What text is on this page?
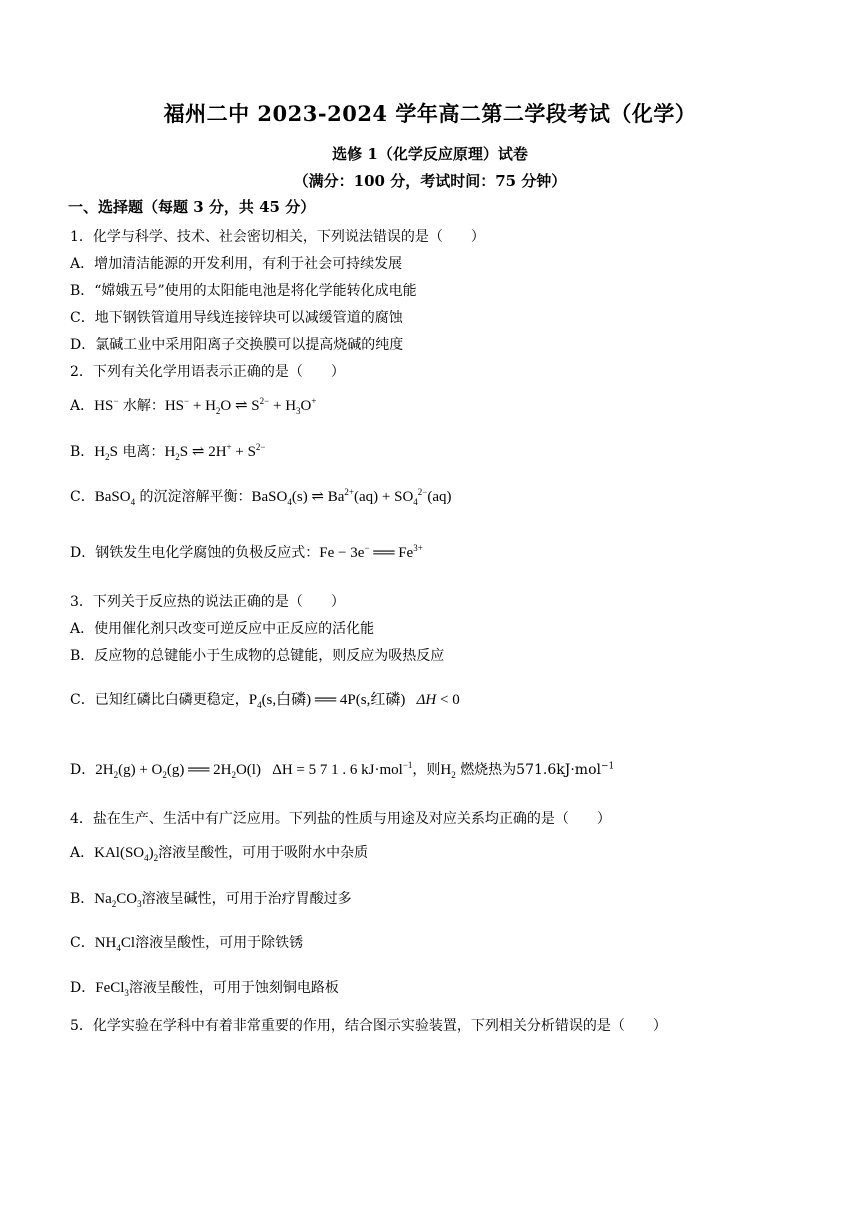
福州二中 2023-2024 学年高二第二学段考试（化学）
选修 1（化学反应原理）试卷
（满分：100 分，考试时间：75 分钟）
一、选择题（每题 3 分，共 45 分）
1．化学与科学、技术、社会密切相关，下列说法错误的是（　　）
A．增加清洁能源的开发利用，有利于社会可持续发展
B．“嫦娥五号”使用的太阳能电池是将化学能转化成电能
C．地下钢铁管道用导线连接锌块可以减缓管道的腐蚀
D．氯碱工业中采用阳离子交换膜可以提高烧碱的纯度
2．下列有关化学用语表示正确的是（　　）
A．HS− 水解：$HS^- + H_2O$ ⇌ $S^{2-} + H_3O^+$
B．$H_2S$ 电离：$H_2S$ ⇌ $2H^+ + S^{2-}$
C．BaSO$_4$ 的沉淀溶解平衡：BaSO$_4$(s) ⇌ $Ba^{2+}(aq) + SO_4^{2-}(aq)$
D．钢铁发生电化学腐蚀的负极反应式：Fe − 3e− ══ $Fe^{3+}$
3．下列关于反应热的说法正确的是（　　）
A．使用催化剂只改变可逆反应中正反应的活化能
B．反应物的总键能小于生成物的总键能，则反应为吸热反应
C．已知红磷比白磷更稳定，$P_4(s$,白磷) ══ 4P(s,红磷)   ΔH < 0
D．$2H_2(g) + O_2(g)$ ══ $2H_2O(l) \Delta H = 5$ 7 1 . 6 kJ·mol$^{-1}$，则$H_2$ 燃烧热为571.6kJ·mol$^{-1}$
4．盐在生产、生活中有广泛应用。下列盐的性质与用途及对应关系均正确的是（　　）
A．$KAl(SO_4)_2$溶液呈酸性，可用于吸附水中杂质
B．$Na_2CO_3$溶液呈碱性，可用于治疗胃酸过多
C．$NH_4Cl$溶液呈酸性，可用于除铁锈
D．FeCl$_3$溶液呈酸性，可用于蚀刻铜电路板
5．化学实验在学科中有着非常重要的作用，结合图示实验装置，下列相关分析错误的是（　　）
